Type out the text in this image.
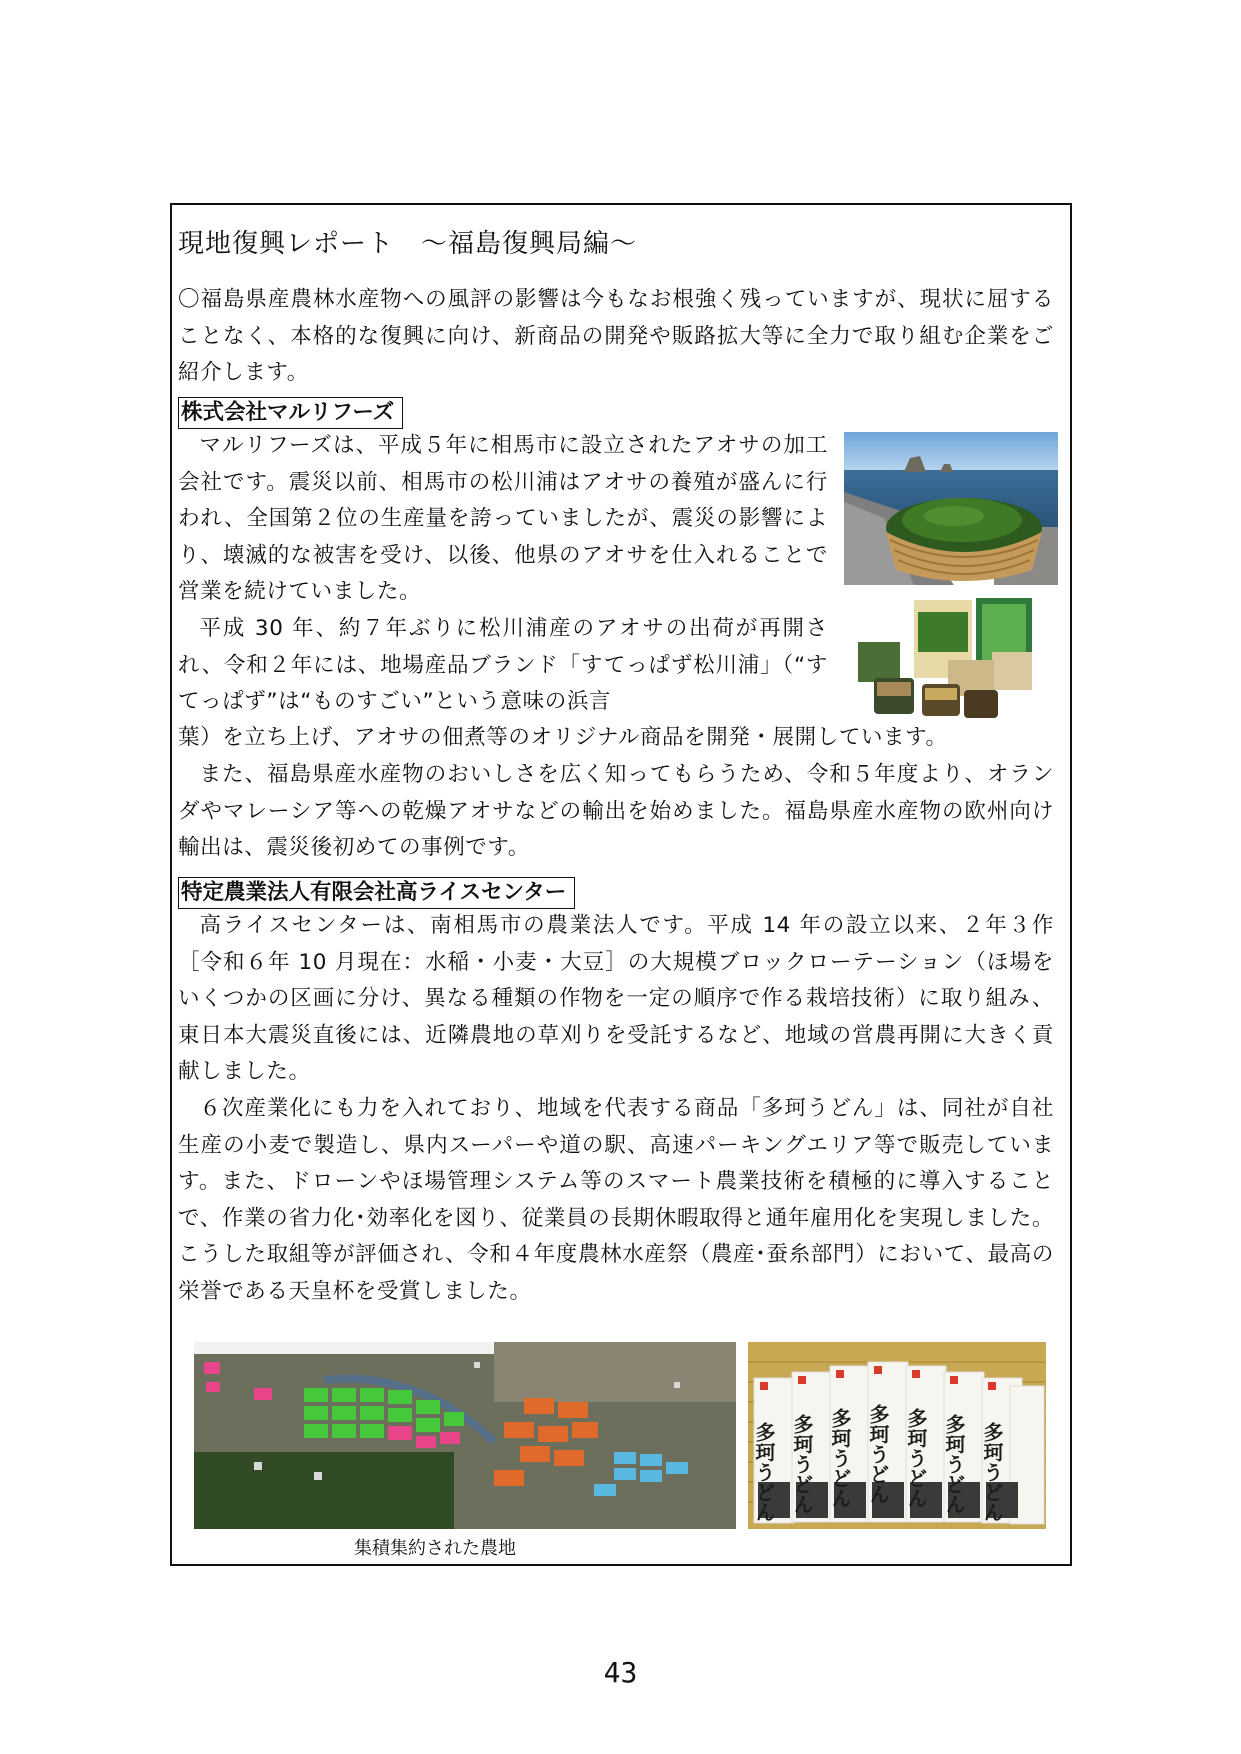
現地復興レポート　～福島復興局編～

〇福島県産農林水産物への風評の影響は今もなお根強く残っていますが、現状に屈することなく、本格的な復興に向け、新商品の開発や販路拡大等に全力で取り組む企業をご紹介します。

株式会社マルリフーズ

マルリフーズは、平成５年に相馬市に設立されたアオサの加工会社です。震災以前、相馬市の松川浦はアオサの養殖が盛んに行われ、全国第２位の生産量を誇っていましたが、震災の影響により、壊滅的な被害を受け、以後、他県のアオサを仕入れることで営業を続けていました。

平成 30 年、約７年ぶりに松川浦産のアオサの出荷が再開され、令和２年には、地場産品ブランド「すてっぱず松川浦」（“すてっぱず”は“ものすごい”という意味の浜言

葉）を立ち上げ、アオサの佃煮等のオリジナル商品を開発・展開しています。

また、福島県産水産物のおいしさを広く知ってもらうため、令和５年度より、オランダやマレーシア等への乾燥アオサなどの輸出を始めました。福島県産水産物の欧州向け輸出は、震災後初めての事例です。

特定農業法人有限会社高ライスセンター

高ライスセンターは、南相馬市の農業法人です。平成 14 年の設立以来、２年３作［令和６年 10 月現在：水稲・小麦・大豆］の大規模ブロックローテーション（ほ場をいくつかの区画に分け、異なる種類の作物を一定の順序で作る栽培技術）に取り組み、東日本大震災直後には、近隣農地の草刈りを受託するなど、地域の営農再開に大きく貢献しました。

６次産業化にも力を入れており、地域を代表する商品「多珂うどん」は、同社が自社生産の小麦で製造し、県内スーパーや道の駅、高速パーキングエリア等で販売しています。また、ドローンやほ場管理システム等のスマート農業技術を積極的に導入することで、作業の省力化･効率化を図り、従業員の長期休暇取得と通年雇用化を実現しました。こうした取組等が評価され、令和４年度農林水産祭（農産･蚕糸部門）において、最高の栄誉である天皇杯を受賞しました。

多珂うどん 多珂うどん 多珂うどん 多珂うどん 多珂うどん 多珂うどん 多珂うどん
集積集約された農地
43
